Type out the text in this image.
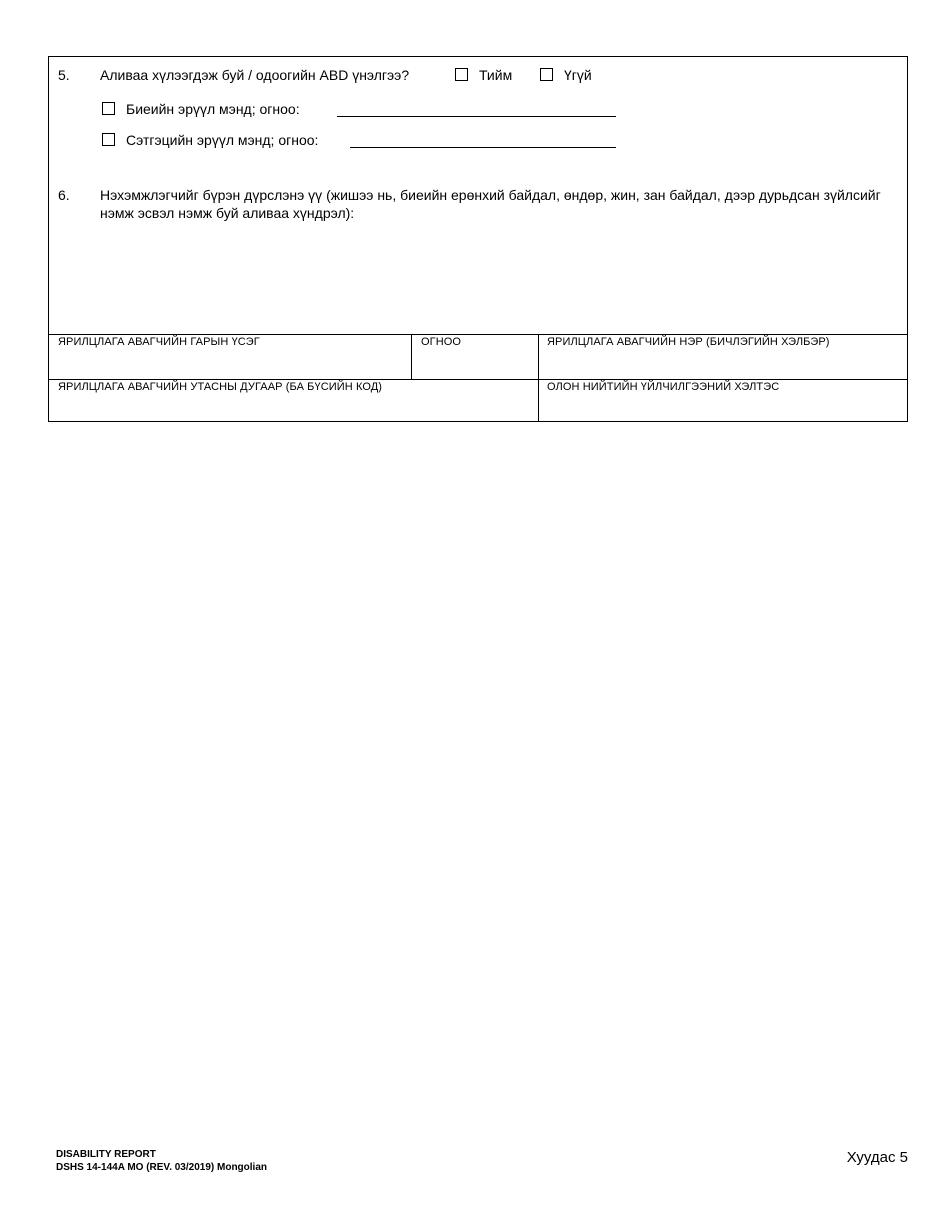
5. Аливаа хүлээгдэж буй / одоогийн ABD үнэлгээ?	Тийм	Үгүй
Биеийн эрүүл мэнд; огноо:
Сэтгэцийн эрүүл мэнд; огноо:
6. Нэхэмжлэгчийг бүрэн дүрслэнэ үү (жишээ нь, биеийн ерөнхий байдал, өндөр, жин, зан байдал, дээр дурьдсан зүйлсийг нэмж эсвэл нэмж буй аливаа хүндрэл):
ЯРИЛЦЛАГА АВАГЧИЙН ГАРЫН ҮСЭГ	ОГНОО	ЯРИЛЦЛАГА АВАГЧИЙН НЭР (БИЧЛЭГИЙН ХЭЛБЭР)
ЯРИЛЦЛАГА АВАГЧИЙН УТАСНЫ ДУГААР (БА БҮСИЙН КОД)	ОЛОН НИЙТИЙН ҮЙЛЧИЛГЭЭНИЙ ХЭЛТЭС
DISABILITY REPORT
DSHS 14-144A MO (REV. 03/2019) Mongolian
Хуудас 5
